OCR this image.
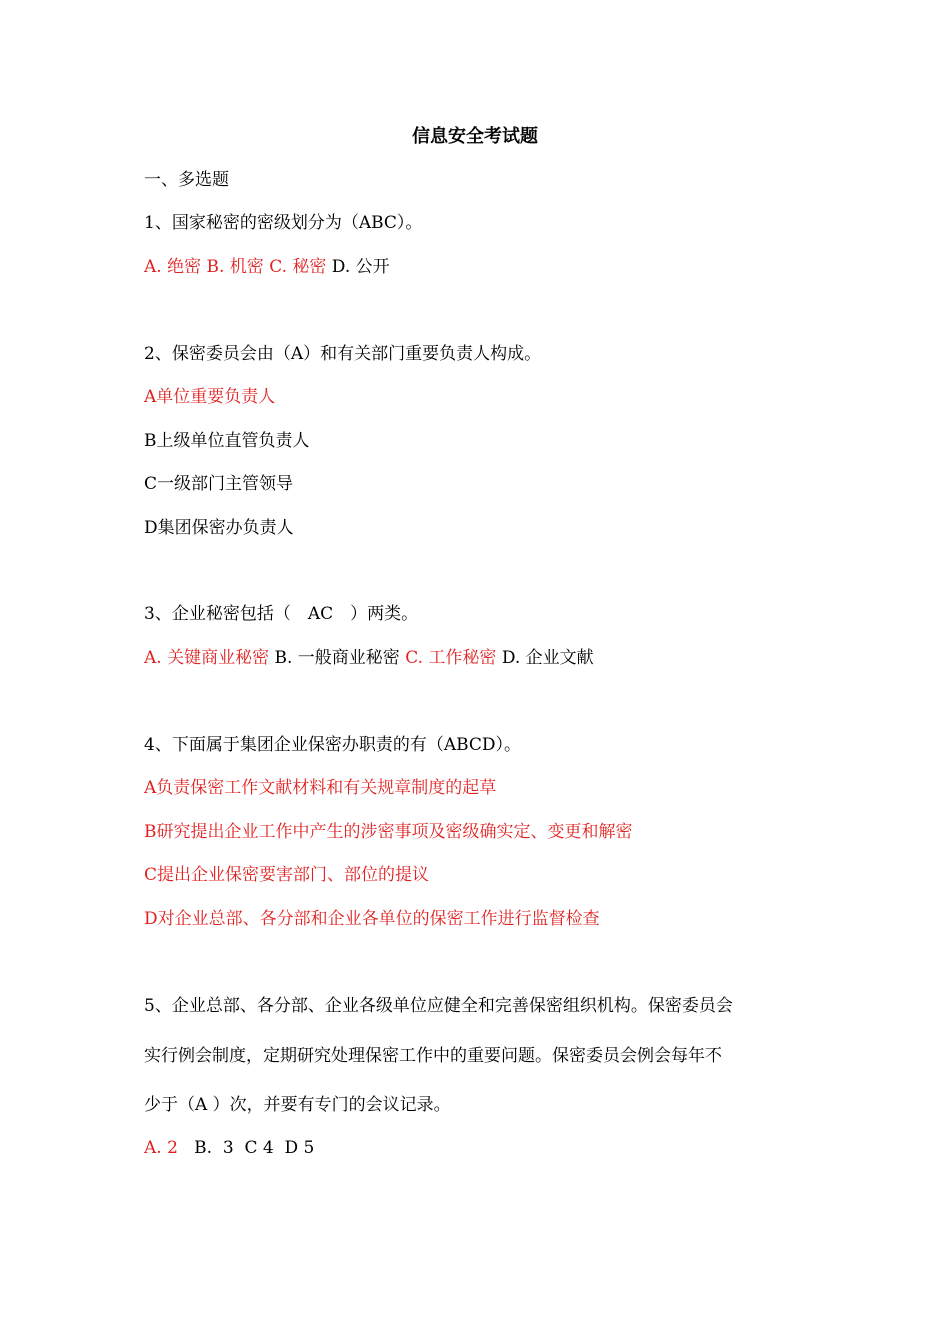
信息安全考试题
一、多选题
1、国家秘密的密级划分为（ABC）。
A. 绝密 B. 机密 C. 秘密 D. 公开
2、保密委员会由（A）和有关部门重要负责人构成。
A单位重要负责人
B上级单位直管负责人
C一级部门主管领导
D集团保密办负责人
3、企业秘密包括（　AC　）两类。
A. 关键商业秘密 B. 一般商业秘密 C. 工作秘密 D. 企业文献
4、下面属于集团企业保密办职责的有（ABCD）。
A负责保密工作文献材料和有关规章制度的起草
B研究提出企业工作中产生的涉密事项及密级确实定、变更和解密
C提出企业保密要害部门、部位的提议
D对企业总部、各分部和企业各单位的保密工作进行监督检查
5、企业总部、各分部、企业各级单位应健全和完善保密组织机构。保密委员会
实行例会制度，定期研究处理保密工作中的重要问题。保密委员会例会每年不
少于（A ）次，并要有专门的会议记录。
A. 2   B.  3  C 4  D 5
